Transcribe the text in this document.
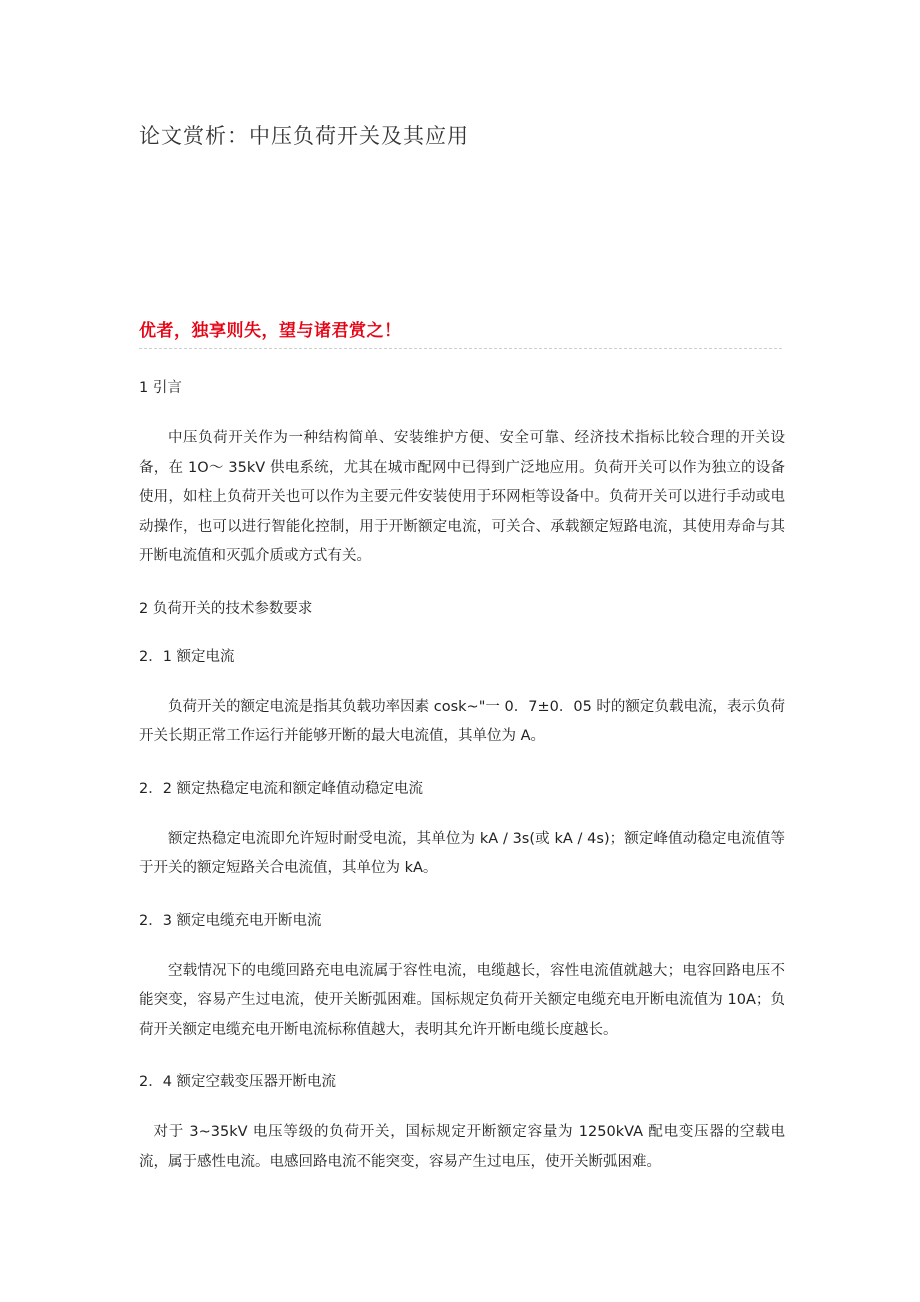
论文赏析：中压负荷开关及其应用

优者，独享则失，望与诸君赏之！

1 引言

中压负荷开关作为一种结构简单、安装维护方便、安全可靠、经济技术指标比较合理的开关设备，在 1O～ 35kV 供电系统，尤其在城市配网中已得到广泛地应用。负荷开关可以作为独立的设备使用，如柱上负荷开关也可以作为主要元件安装使用于环网柜等设备中。负荷开关可以进行手动或电动操作，也可以进行智能化控制，用于开断额定电流，可关合、承载额定短路电流，其使用寿命与其开断电流值和灭弧介质或方式有关。

2 负荷开关的技术参数要求

2．1 额定电流

负荷开关的额定电流是指其负载功率因素 cosk~"一 0．7±0．05 时的额定负载电流，表示负荷开关长期正常工作运行并能够开断的最大电流值，其单位为 A。

2．2 额定热稳定电流和额定峰值动稳定电流

额定热稳定电流即允许短时耐受电流，其单位为 kA / 3s(或 kA / 4s)；额定峰值动稳定电流值等于开关的额定短路关合电流值，其单位为 kA。

2．3 额定电缆充电开断电流

空载情况下的电缆回路充电电流属于容性电流，电缆越长，容性电流值就越大；电容回路电压不能突变，容易产生过电流，使开关断弧困难。国标规定负荷开关额定电缆充电开断电流值为 10A；负荷开关额定电缆充电开断电流标称值越大，表明其允许开断电缆长度越长。

2．4 额定空载变压器开断电流

对于 3~35kV 电压等级的负荷开关，国标规定开断额定容量为 1250kVA 配电变压器的空载电流，属于感性电流。电感回路电流不能突变，容易产生过电压，使开关断弧困难。
